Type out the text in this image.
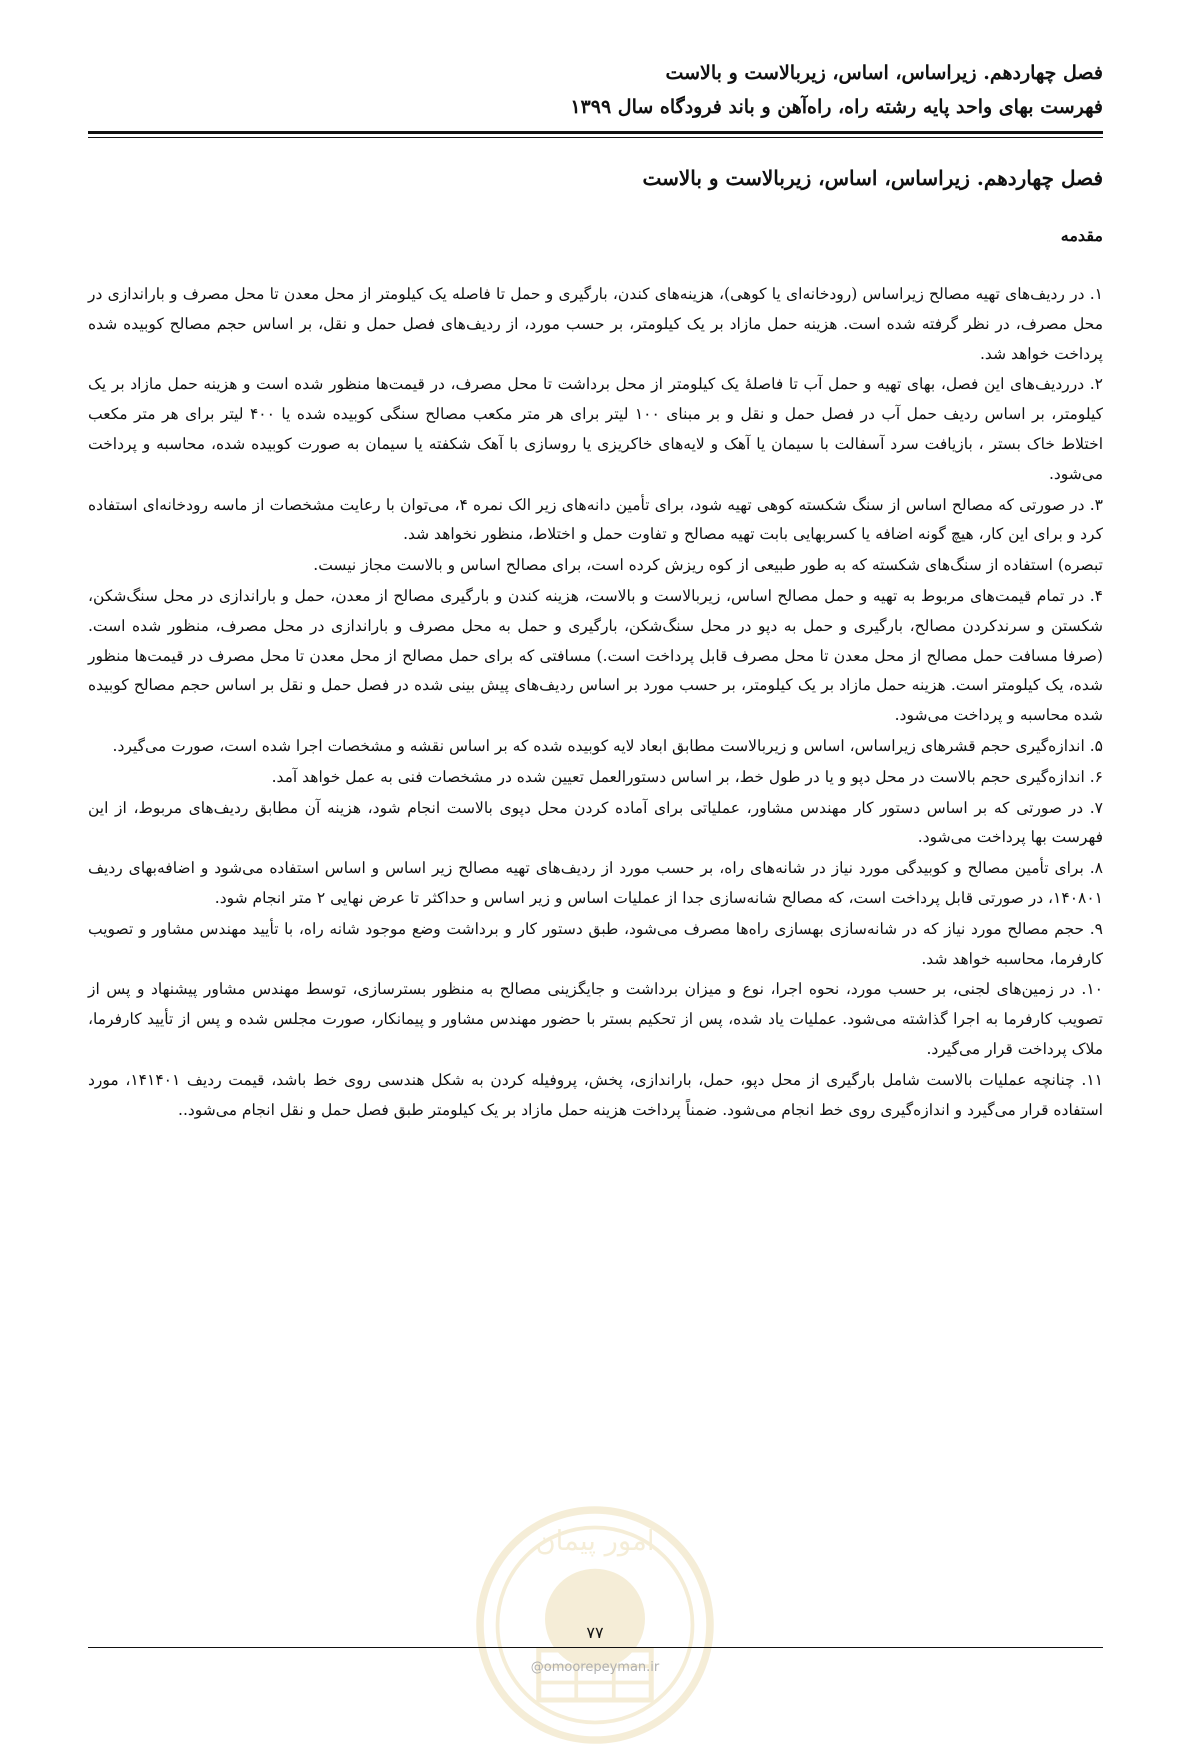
فصل چهاردهم. زیراساس، اساس، زیربالاست و بالاست
فهرست بهای واحد پایه رشته راه، راه‌آهن و باند فرودگاه سال ۱۳۹۹
فصل چهاردهم. زیراساس، اساس، زیربالاست و بالاست
مقدمه

۱. در ردیف‌های تهیه مصالح زیراساس (رودخانه‌ای یا کوهی)، هزینه‌های کندن، بارگیری و حمل تا فاصله یک کیلومتر از محل معدن تا محل مصرف و باراندازی در محل مصرف، در نظر گرفته شده است. هزینه حمل مازاد بر یک کیلومتر، بر حسب مورد، از ردیف‌های فصل حمل و نقل، بر اساس حجم مصالح کوبیده شده پرداخت خواهد شد.

۲. درردیف‌های این فصل، بهای تهیه و حمل آب تا فاصلهٔ یک کیلومتر از محل برداشت تا محل مصرف، در قیمت‌ها منظور شده است و هزینه حمل مازاد بر یک کیلومتر، بر اساس ردیف حمل آب در فصل حمل و نقل و بر مبنای ۱۰۰ لیتر برای هر متر مکعب مصالح سنگی کوبیده شده یا ۴۰۰ لیتر برای هر متر مکعب اختلاط خاک بستر ، بازیافت سرد آسفالت با سیمان یا آهک و لایه‌های خاکریزی یا روسازی با آهک شکفته یا سیمان به صورت کوبیده شده، محاسبه و پرداخت می‌شود.

۳. در صورتی که مصالح اساس از سنگ شکسته کوهی تهیه شود، برای تأمین دانه‌های زیر الک نمره ۴، می‌توان با رعایت مشخصات از ماسه رودخانه‌ای استفاده کرد و برای این کار، هیچ گونه اضافه یا کسربهایی بابت تهیه مصالح و تفاوت حمل و اختلاط، منظور نخواهد شد.

تبصره) استفاده از سنگ‌های شکسته که به طور طبیعی از کوه ریزش کرده است، برای مصالح اساس و بالاست مجاز نیست.

۴. در تمام قیمت‌های مربوط به تهیه و حمل مصالح اساس، زیربالاست و بالاست، هزینه کندن و بارگیری مصالح از معدن، حمل و باراندازی در محل سنگ‌شکن، شکستن و سرندکردن مصالح، بارگیری و حمل به دپو در محل سنگ‌شکن، بارگیری و حمل به محل مصرف و باراندازی در محل مصرف، منظور شده است. (صرفا مسافت حمل مصالح از محل معدن تا محل مصرف قابل پرداخت است.) مسافتی که برای حمل مصالح از محل معدن تا محل مصرف در قیمت‌ها منظور شده، یک کیلومتر است. هزینه حمل مازاد بر یک کیلومتر، بر حسب مورد بر اساس ردیف‌های پیش بینی شده در فصل حمل و نقل بر اساس حجم مصالح کوبیده شده محاسبه و پرداخت می‌شود.

۵. اندازه‌گیری حجم قشرهای زیراساس، اساس و زیربالاست مطابق ابعاد لایه کوبیده شده که بر اساس نقشه و مشخصات اجرا شده است، صورت می‌گیرد.

۶. اندازه‌گیری حجم بالاست در محل دپو و یا در طول خط، بر اساس دستورالعمل تعیین شده در مشخصات فنی به عمل خواهد آمد.

۷. در صورتی که بر اساس دستور کار مهندس مشاور، عملیاتی برای آماده کردن محل دپوی بالاست انجام شود، هزینه آن مطابق ردیف‌های مربوط، از این فهرست بها پرداخت می‌شود.

۸. برای تأمین مصالح و کوبیدگی مورد نیاز در شانه‌های راه، بر حسب مورد از ردیف‌های تهیه مصالح زیر اساس و اساس استفاده می‌شود و اضافه‌بهای ردیف ۱۴۰۸۰۱، در صورتی قابل پرداخت است، که مصالح شانه‌سازی جدا از عملیات اساس و زیر اساس و حداکثر تا عرض نهایی ۲ متر انجام شود.

۹. حجم مصالح مورد نیاز که در شانه‌سازی بهسازی راه‌ها مصرف می‌شود، طبق دستور کار و برداشت وضع موجود شانه راه، با تأیید مهندس مشاور و تصویب کارفرما، محاسبه خواهد شد.

۱۰. در زمین‌های لجنی، بر حسب مورد، نحوه اجرا، نوع و میزان برداشت و جایگزینی مصالح به منظور بسترسازی، توسط مهندس مشاور پیشنهاد و پس از تصویب کارفرما به اجرا گذاشته می‌شود. عملیات یاد شده، پس از تحکیم بستر با حضور مهندس مشاور و پیمانکار، صورت مجلس شده و پس از تأیید کارفرما، ملاک پرداخت قرار می‌گیرد.

۱۱. چنانچه عملیات بالاست شامل بارگیری از محل دپو، حمل، باراندازی، پخش، پروفیله کردن به شکل هندسی روی خط باشد، قیمت ردیف ۱۴۱۴۰۱، مورد استفاده قرار می‌گیرد و اندازه‌گیری روی خط انجام می‌شود. ضمناً پرداخت هزینه حمل مازاد بر یک کیلومتر طبق فصل حمل و نقل انجام می‌شود..

امور پیمان
۷۷
@omoorepeyman.ir
